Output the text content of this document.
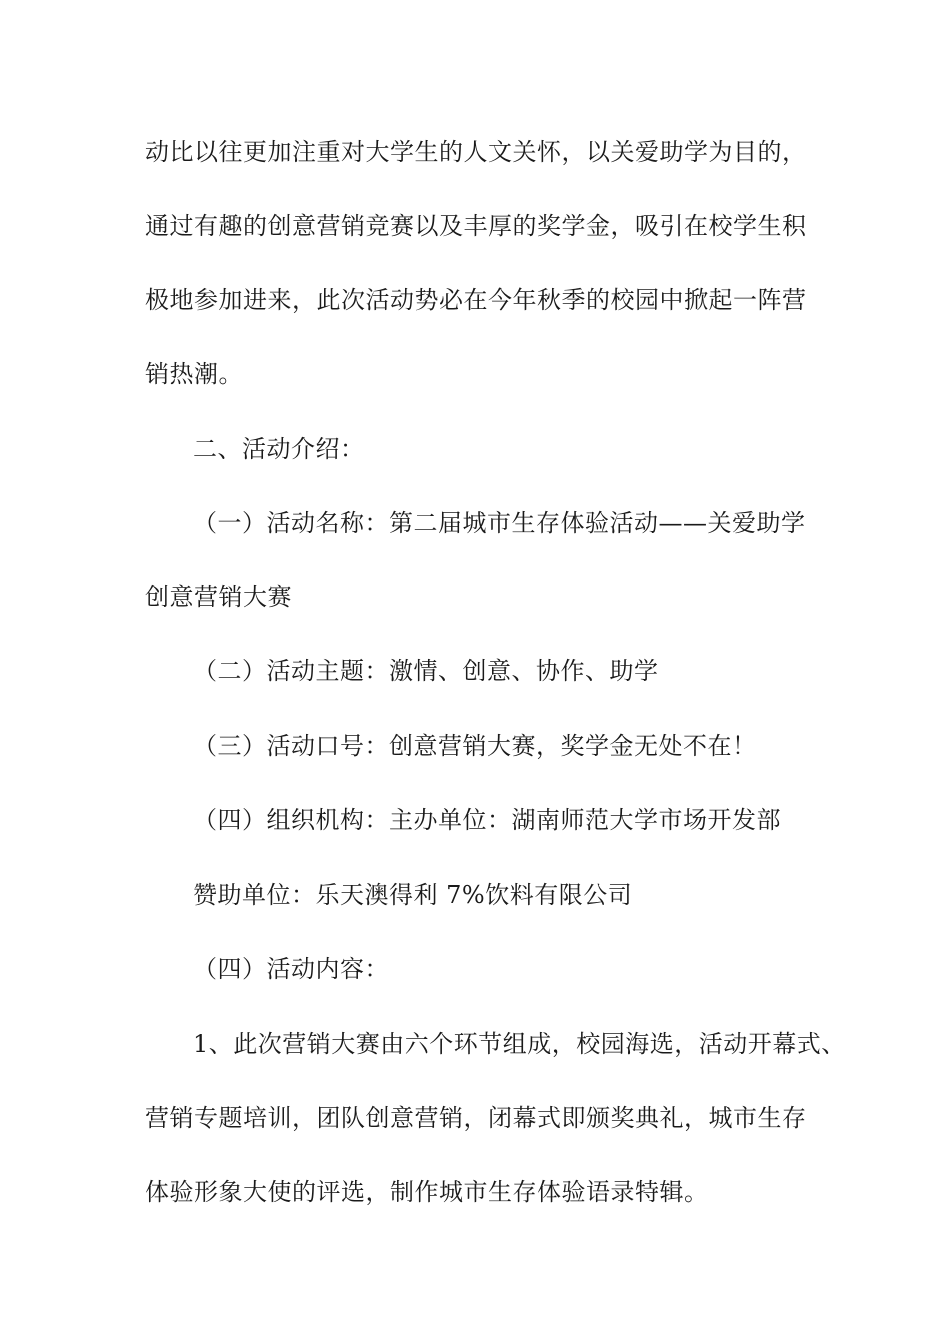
动比以往更加注重对大学生的人文关怀，以关爱助学为目的，
通过有趣的创意营销竞赛以及丰厚的奖学金，吸引在校学生积
极地参加进来，此次活动势必在今年秋季的校园中掀起一阵营
销热潮。
二、活动介绍：
（一）活动名称：第二届城市生存体验活动——关爱助学
创意营销大赛
（二）活动主题：激情、创意、协作、助学
（三）活动口号：创意营销大赛，奖学金无处不在！
（四）组织机构：主办单位：湖南师范大学市场开发部
赞助单位：乐天澳得利 7%饮料有限公司
（四）活动内容：
1、此次营销大赛由六个环节组成，校园海选，活动开幕式、
营销专题培训，团队创意营销，闭幕式即颁奖典礼，城市生存
体验形象大使的评选，制作城市生存体验语录特辑。
